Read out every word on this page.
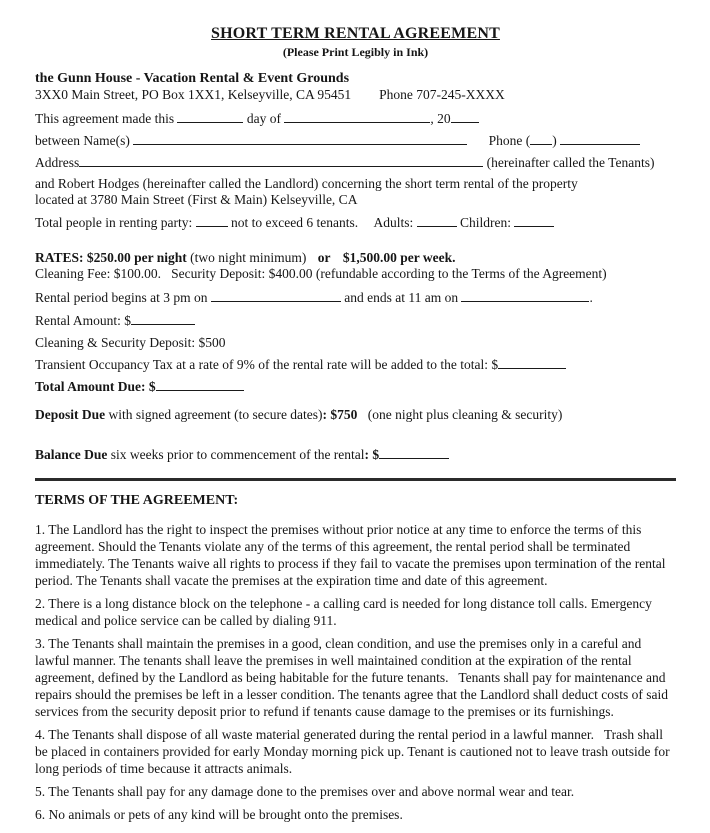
SHORT TERM RENTAL AGREEMENT
(Please Print Legibly in Ink)
the Gunn House - Vacation Rental & Event Grounds
3XX0 Main Street, PO Box 1XX1, Kelseyville, CA 95451 Phone 707-245-XXXX
This agreement made this	day of	, 20
between Name(s)	Phone ( )
Address	(hereinafter called the Tenants)
and Robert Hodges (hereinafter called the Landlord) concerning the short term rental of the property
located at 3780 Main Street (First & Main) Kelseyville, CA
Total people in renting party:	not to exceed 6 tenants. Adults:	Children:
RATES: $250.00 per night (two night minimum) or $1,500.00 per week.
Cleaning Fee: $100.00.   Security Deposit: $400.00 (refundable according to the Terms of the Agreement)
Rental period begins at 3 pm on	and ends at 11 am on	.
Rental Amount: $
Cleaning & Security Deposit: $500
Transient Occupancy Tax at a rate of 9% of the rental rate will be added to the total: $
Total Amount Due: $
Deposit Due with signed agreement (to secure dates): $750 (one night plus cleaning & security)
Balance Due six weeks prior to commencement of the rental: $
TERMS OF THE AGREEMENT:

1. The Landlord has the right to inspect the premises without prior notice at any time to enforce the terms of this agreement. Should the Tenants violate any of the terms of this agreement, the rental period shall be terminated immediately. The Tenants waive all rights to process if they fail to vacate the premises upon termination of the rental period. The Tenants shall vacate the premises at the expiration time and date of this agreement.

2. There is a long distance block on the telephone - a calling card is needed for long distance toll calls. Emergency medical and police service can be called by dialing 911.

3. The Tenants shall maintain the premises in a good, clean condition, and use the premises only in a careful and lawful manner. The tenants shall leave the premises in well maintained condition at the expiration of the rental agreement, defined by the Landlord as being habitable for the future tenants.   Tenants shall pay for maintenance and repairs should the premises be left in a lesser condition. The tenants agree that the Landlord shall deduct costs of said services from the security deposit prior to refund if tenants cause damage to the premises or its furnishings.

4. The Tenants shall dispose of all waste material generated during the rental period in a lawful manner.   Trash shall be placed in containers provided for early Monday morning pick up. Tenant is cautioned not to leave trash outside for long periods of time because it attracts animals.

5. The Tenants shall pay for any damage done to the premises over and above normal wear and tear.

6. No animals or pets of any kind will be brought onto the premises.
